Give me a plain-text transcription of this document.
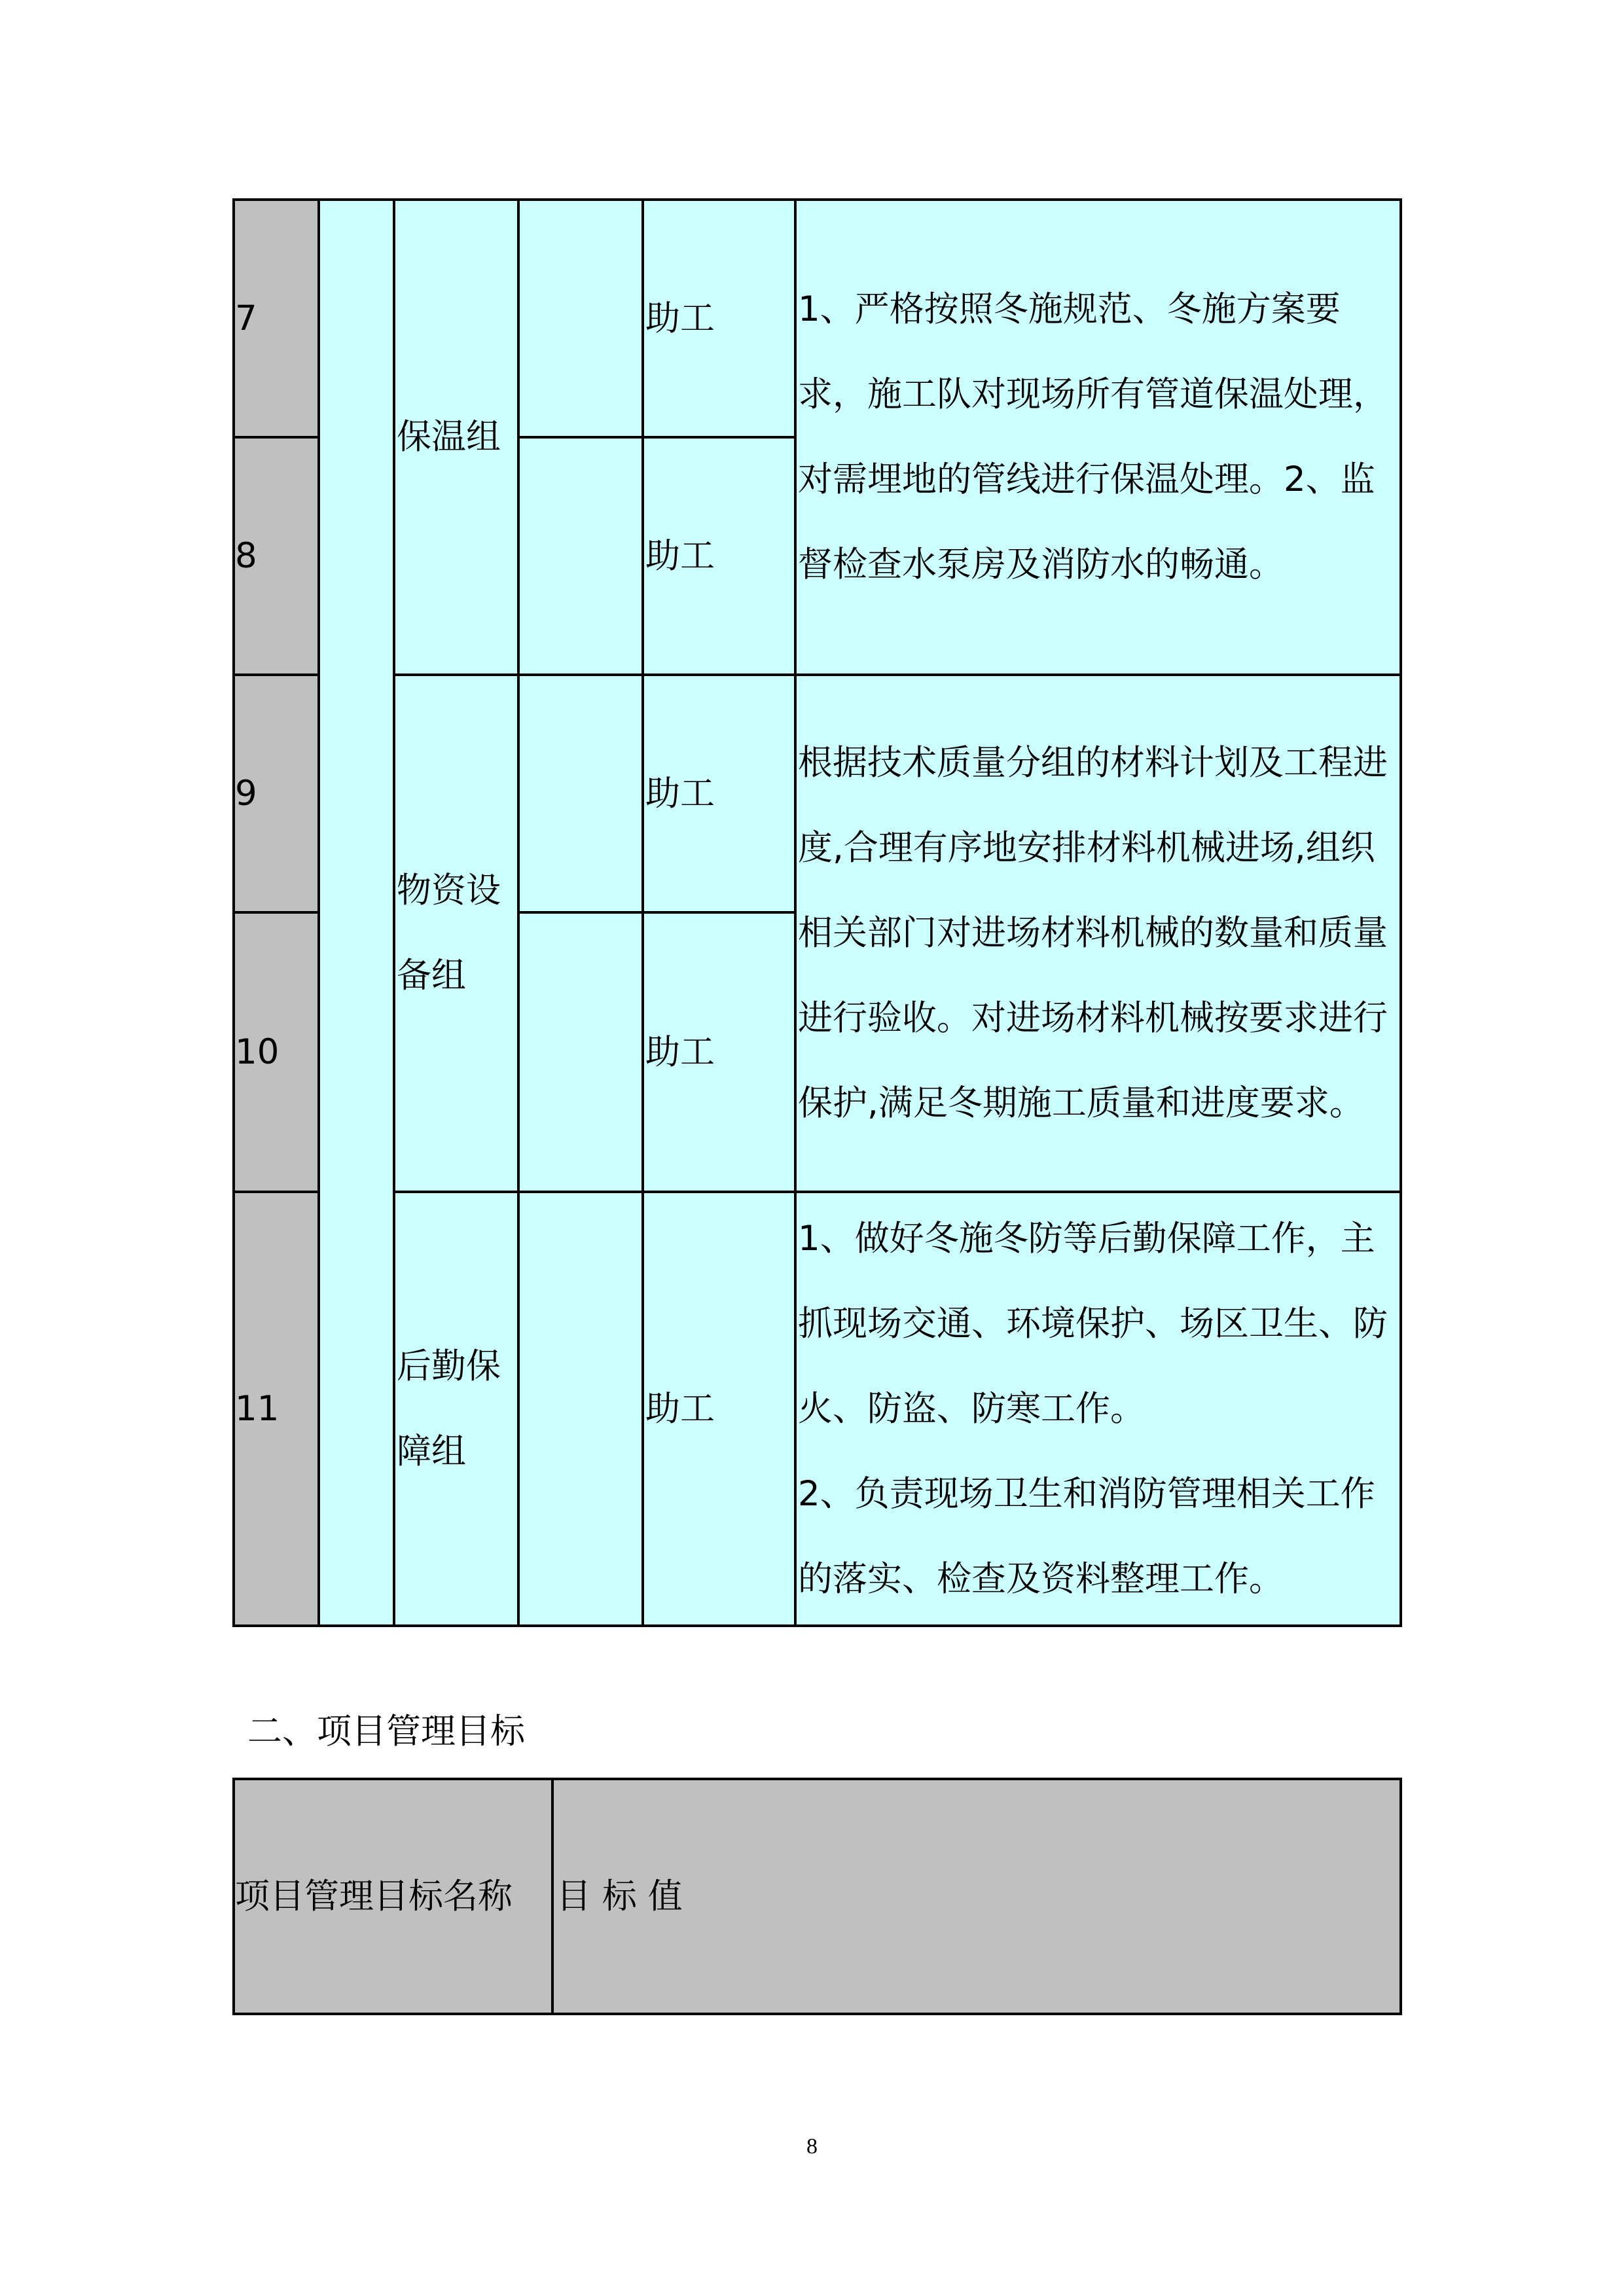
7		保温组		助工	1、严格按照冬施规范、冬施方案要求，施工队对现场所有管道保温处理，对需埋地的管线进行保温处理。2、监督检查水泵房及消防水的畅通。
8				助工	
9		物资设备组		助工	根据技术质量分组的材料计划及工程进度,合理有序地安排材料机械进场,组织相关部门对进场材料机械的数量和质量进行验收。对进场材料机械按要求进行保护,满足冬期施工质量和进度要求。
10				助工	
11		后勤保障组		助工	1、做好冬施冬防等后勤保障工作，主抓现场交通、环境保护、场区卫生、防火、防盗、防寒工作。
2、负责现场卫生和消防管理相关工作的落实、检查及资料整理工作。
二、项目管理目标
项目管理目标名称	目 标 值
8
